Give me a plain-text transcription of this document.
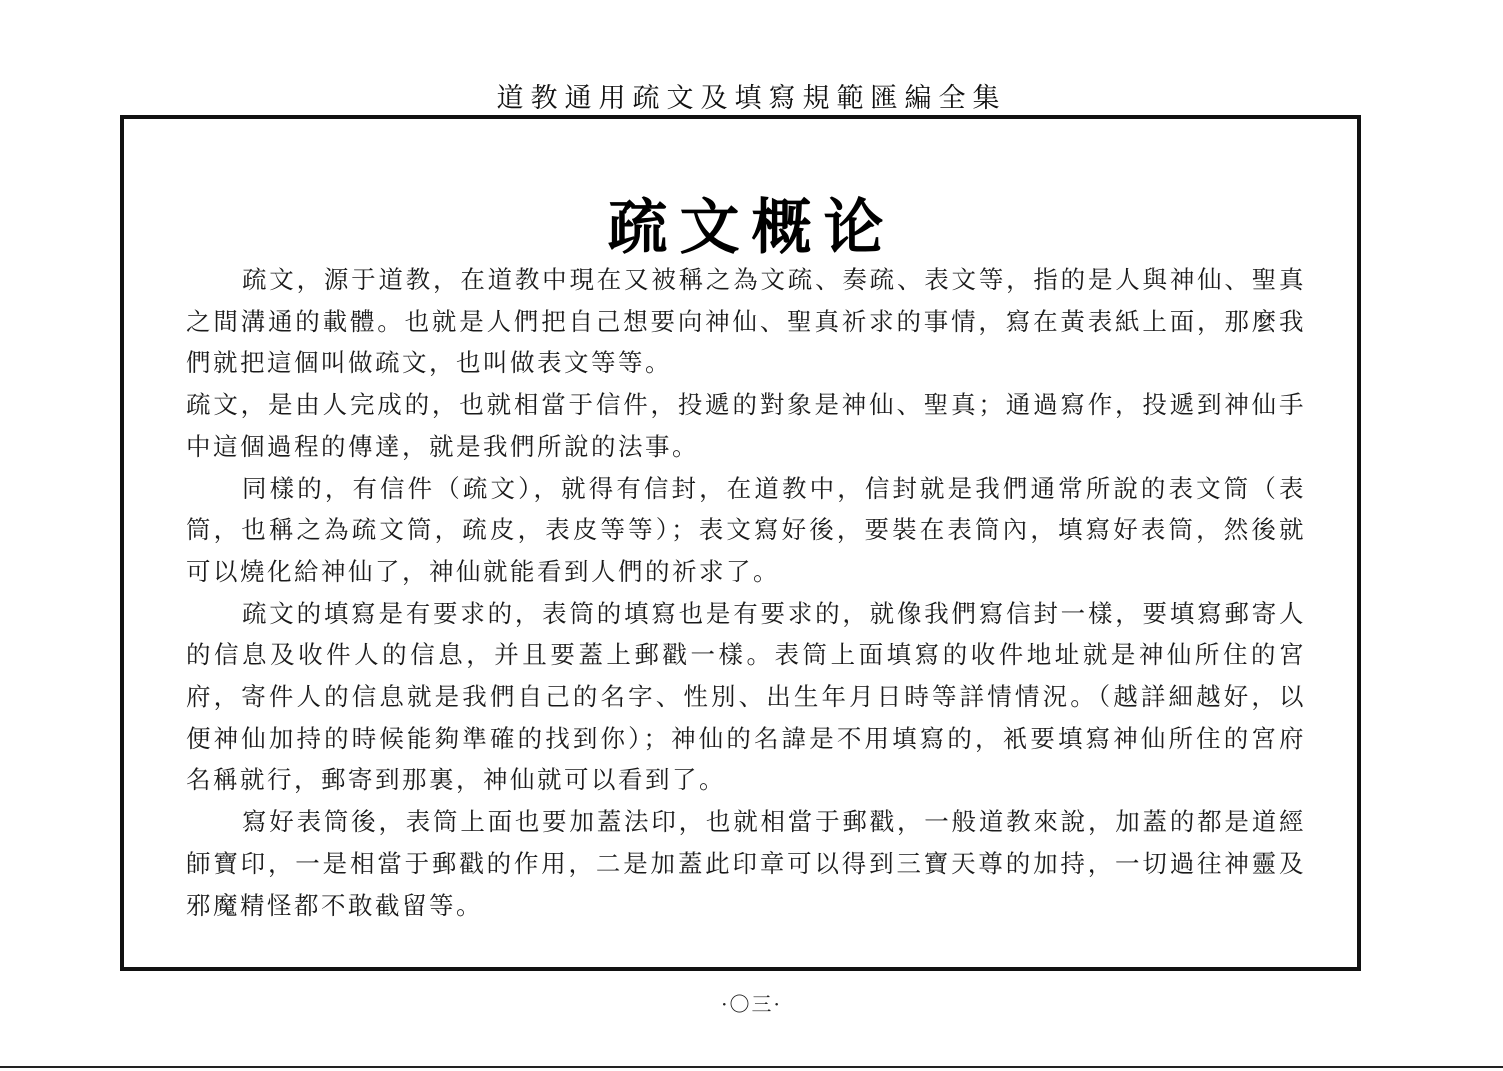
道教通用疏文及填寫規範匯編全集
疏文概论

疏文，源于道教，在道教中現在又被稱之為文疏、奏疏、表文等，指的是人與神仙、聖真之間溝通的載體。也就是人們把自己想要向神仙、聖真祈求的事情，寫在黃表紙上面，那麼我們就把這個叫做疏文，也叫做表文等等。

疏文，是由人完成的，也就相當于信件，投遞的對象是神仙、聖真；通過寫作，投遞到神仙手中這個過程的傳達，就是我們所說的法事。

同樣的，有信件（疏文），就得有信封，在道教中，信封就是我們通常所說的表文筒（表筒，也稱之為疏文筒，疏皮，表皮等等）；表文寫好後，要裝在表筒內，填寫好表筒，然後就可以燒化給神仙了，神仙就能看到人們的祈求了。

疏文的填寫是有要求的，表筒的填寫也是有要求的，就像我們寫信封一樣，要填寫郵寄人的信息及收件人的信息，并且要蓋上郵戳一樣。表筒上面填寫的收件地址就是神仙所住的宮府，寄件人的信息就是我們自己的名字、性別、出生年月日時等詳情情況。（越詳細越好，以便神仙加持的時候能夠準確的找到你）；神仙的名諱是不用填寫的，衹要填寫神仙所住的宮府名稱就行，郵寄到那裏，神仙就可以看到了。

寫好表筒後，表筒上面也要加蓋法印，也就相當于郵戳，一般道教來說，加蓋的都是道經師寶印，一是相當于郵戳的作用，二是加蓋此印章可以得到三寶天尊的加持，一切過往神靈及邪魔精怪都不敢截留等。

·〇三·
